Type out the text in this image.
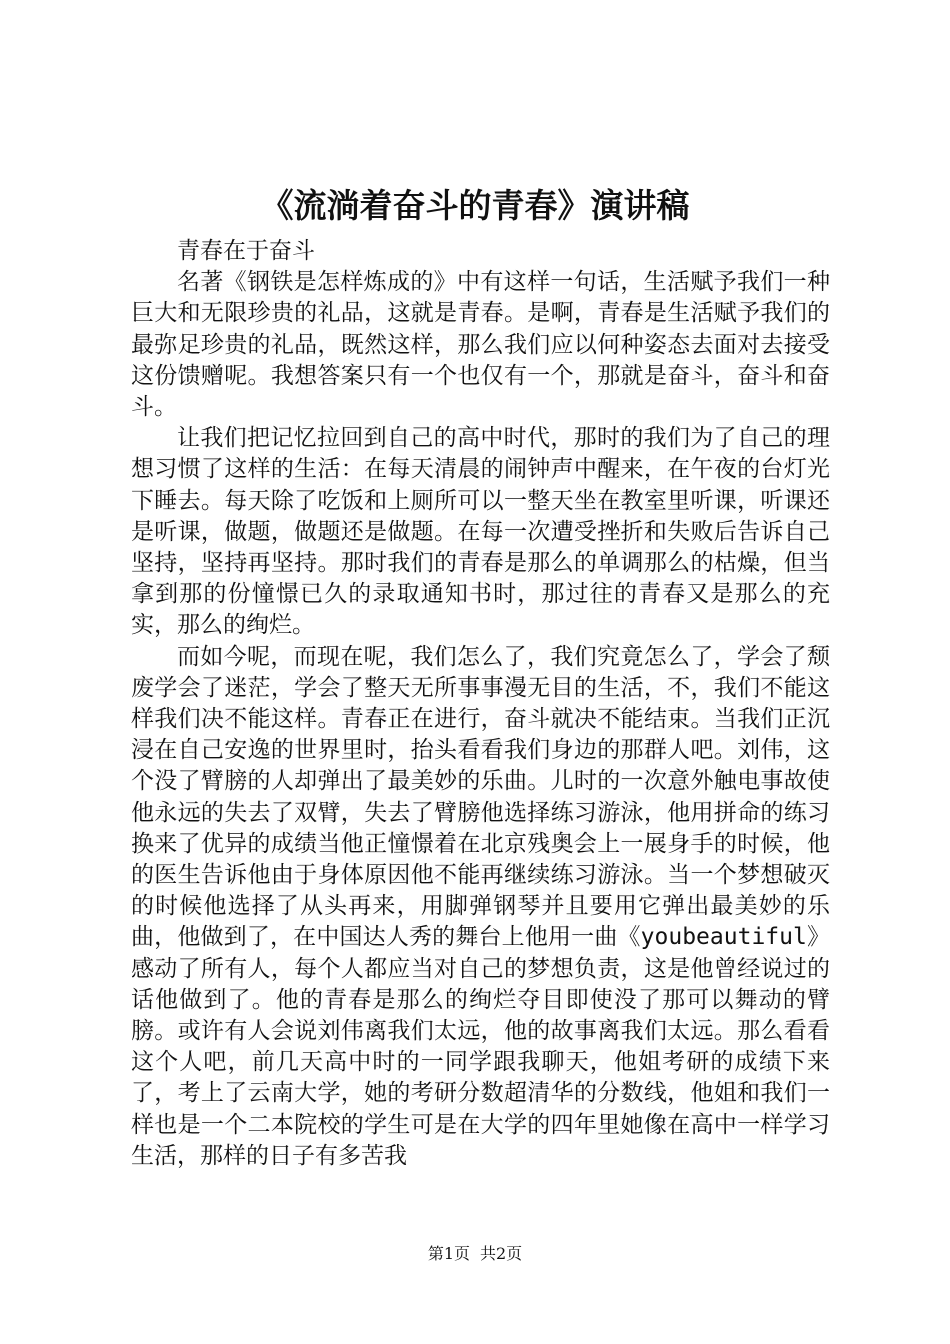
《流淌着奋斗的青春》演讲稿

青春在于奋斗

名著《钢铁是怎样炼成的》中有这样一句话，生活赋予我们一种巨大和无限珍贵的礼品，这就是青春。是啊，青春是生活赋予我们的最弥足珍贵的礼品，既然这样，那么我们应以何种姿态去面对去接受这份馈赠呢。我想答案只有一个也仅有一个，那就是奋斗，奋斗和奋斗。

让我们把记忆拉回到自己的高中时代，那时的我们为了自己的理想习惯了这样的生活：在每天清晨的闹钟声中醒来，在午夜的台灯光下睡去。每天除了吃饭和上厕所可以一整天坐在教室里听课，听课还是听课，做题，做题还是做题。在每一次遭受挫折和失败后告诉自己坚持，坚持再坚持。那时我们的青春是那么的单调那么的枯燥，但当拿到那的份憧憬已久的录取通知书时，那过往的青春又是那么的充实，那么的绚烂。

而如今呢，而现在呢，我们怎么了，我们究竟怎么了，学会了颓废学会了迷茫，学会了整天无所事事漫无目的生活，不，我们不能这样我们决不能这样。青春正在进行，奋斗就决不能结束。当我们正沉浸在自己安逸的世界里时，抬头看看我们身边的那群人吧。刘伟，这个没了臂膀的人却弹出了最美妙的乐曲。儿时的一次意外触电事故使他永远的失去了双臂，失去了臂膀他选择练习游泳，他用拼命的练习换来了优异的成绩当他正憧憬着在北京残奥会上一展身手的时候，他的医生告诉他由于身体原因他不能再继续练习游泳。当一个梦想破灭的时候他选择了从头再来，用脚弹钢琴并且要用它弹出最美妙的乐曲，他做到了，在中国达人秀的舞台上他用一曲《youbeautiful》感动了所有人，每个人都应当对自己的梦想负责，这是他曾经说过的话他做到了。他的青春是那么的绚烂夺目即使没了那可以舞动的臂膀。或许有人会说刘伟离我们太远，他的故事离我们太远。那么看看这个人吧，前几天高中时的一同学跟我聊天，他姐考研的成绩下来了，考上了云南大学，她的考研分数超清华的分数线，他姐和我们一样也是一个二本院校的学生可是在大学的四年里她像在高中一样学习生活，那样的日子有多苦我

第1页 共2页
